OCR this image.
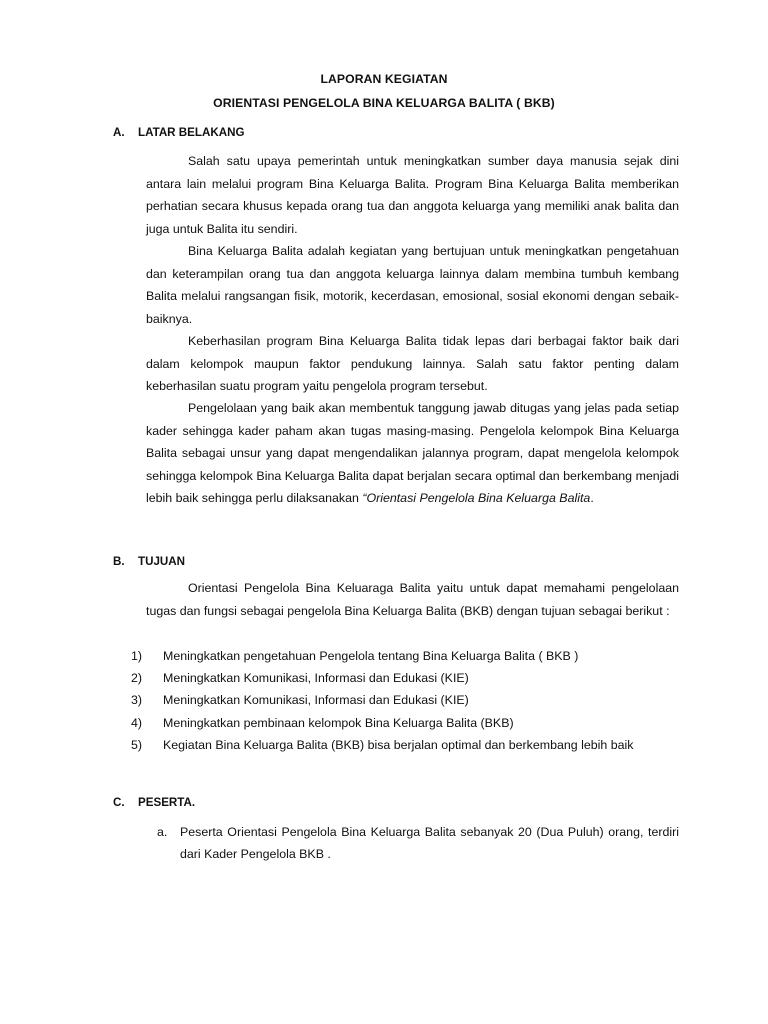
LAPORAN KEGIATAN
ORIENTASI PENGELOLA BINA KELUARGA BALITA ( BKB)
A. LATAR BELAKANG

Salah satu upaya pemerintah untuk meningkatkan sumber daya manusia sejak dini antara lain melalui program Bina Keluarga Balita. Program Bina Keluarga Balita memberikan perhatian secara khusus kepada orang tua dan anggota keluarga yang memiliki anak balita dan juga untuk Balita itu sendiri.

Bina Keluarga Balita adalah kegiatan yang bertujuan untuk meningkatkan pengetahuan dan keterampilan orang tua dan anggota keluarga lainnya dalam membina tumbuh kembang Balita melalui rangsangan fisik, motorik, kecerdasan, emosional, sosial ekonomi dengan sebaik-baiknya.

Keberhasilan program Bina Keluarga Balita tidak lepas dari berbagai faktor baik dari dalam kelompok maupun faktor pendukung lainnya. Salah satu faktor penting dalam keberhasilan suatu program yaitu pengelola program tersebut.

Pengelolaan yang baik akan membentuk tanggung jawab ditugas yang jelas pada setiap kader sehingga kader paham akan tugas masing-masing. Pengelola kelompok Bina Keluarga Balita sebagai unsur yang dapat mengendalikan jalannya program, dapat mengelola kelompok sehingga kelompok Bina Keluarga Balita dapat berjalan secara optimal dan berkembang menjadi lebih baik sehingga perlu dilaksanakan “Orientasi Pengelola Bina Keluarga Balita.

B. TUJUAN

Orientasi Pengelola Bina Keluaraga Balita yaitu untuk dapat memahami pengelolaan tugas dan fungsi sebagai pengelola Bina Keluarga Balita (BKB) dengan tujuan sebagai berikut :

1)	Meningkatkan pengetahuan Pengelola tentang Bina Keluarga Balita ( BKB )
2)	Meningkatkan Komunikasi, Informasi dan Edukasi (KIE)
3)	Meningkatkan Komunikasi, Informasi dan Edukasi (KIE)
4)	Meningkatkan pembinaan kelompok Bina Keluarga Balita (BKB)
5)	Kegiatan Bina Keluarga Balita (BKB) bisa berjalan optimal dan berkembang lebih baik
C. PESERTA.
a.	Peserta Orientasi Pengelola Bina Keluarga Balita sebanyak 20 (Dua Puluh) orang, terdiri dari Kader Pengelola BKB .
